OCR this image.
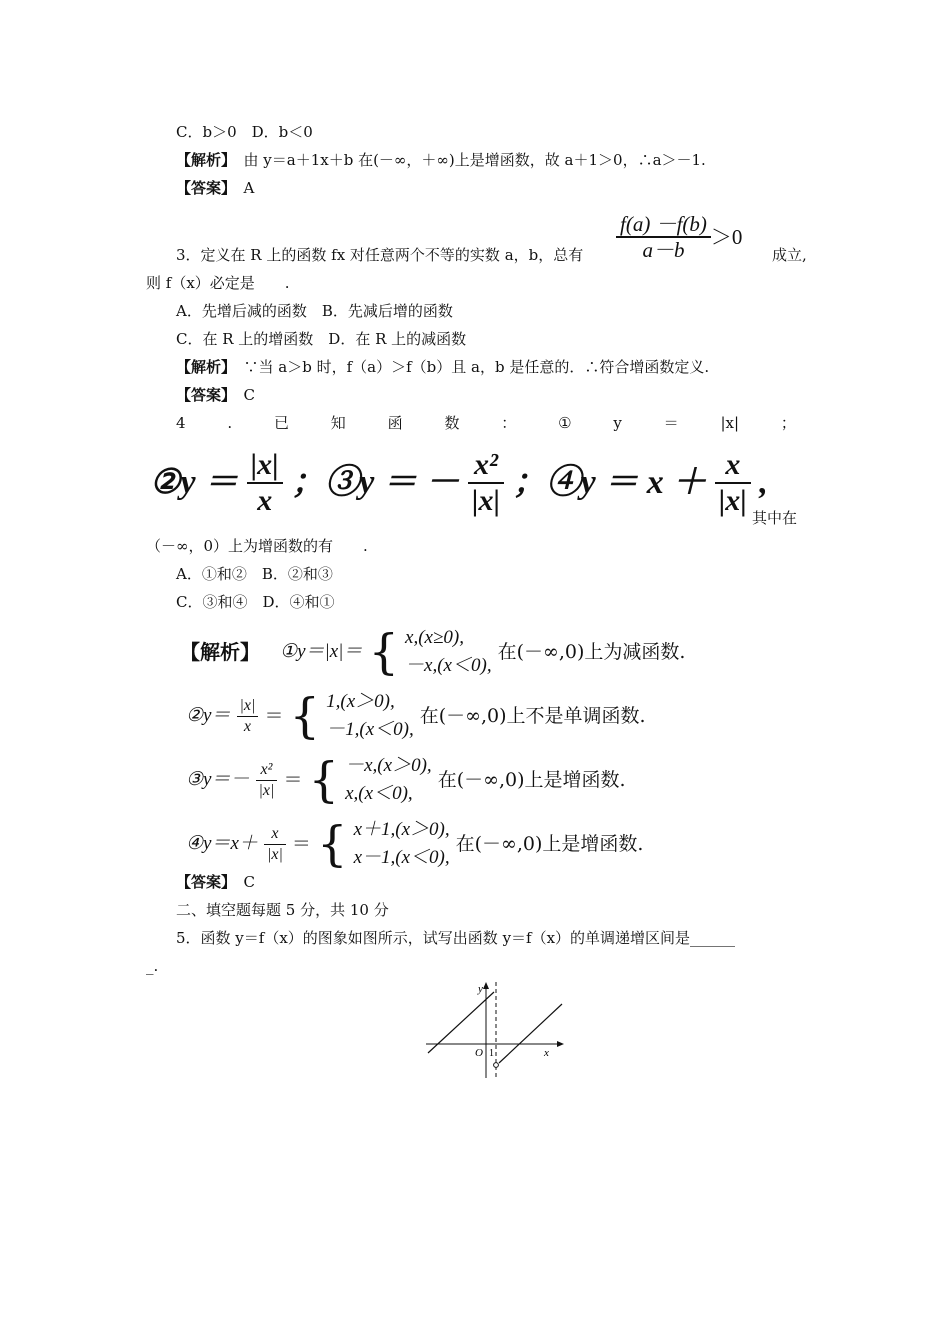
C．b＞0　D．b＜0
【解析】　由 y＝a＋1x＋b 在(－∞，＋∞)上是增函数，故 a＋1＞0，∴a＞－1.
【答案】　A
$\frac{f(a) -f(b)}{a-b} >0$
3．定义在 R 上的函数 fx 对任意两个不等的实数 a，b，总有	成立,
则 f（x）必定是　　.
A．先增后减的函数　B．先减后增的函数
C．在 R 上的增函数　D．在 R 上的减函数
【解析】　∵当 a＞b 时，f（a）＞f（b）且 a，b 是任意的．∴符合增函数定义.
【答案】　C
4	.	已	知	函	数	：	①	y	＝	|x|	；
②y ＝ $\frac{|x|}{x}$ ；③y ＝ － $\frac{\text{x²}}{|x|}$ ；④y ＝ $x + \frac{x}{|x|}$ ,
其中在
（－∞，0）上为增函数的有　　.
A．①和②　B．②和③
C．③和④　D．④和①
【解析】 ①y＝|x|＝ { x,(x≥0),
－x,(x＜0),
在(－∞,0)上为减函数.
②y＝ $\frac{|x|}{x}$ ＝ { 1,(x＞0),
－1,(x＜0),
在(－∞,0)上不是单调函数.
③y＝－ $\frac{\text{x²}}{|x|}$ ＝ { －x,(x＞0),
x,(x＜0),
在(－∞,0)上是增函数.
④y＝x＋ $\frac{x}{|x|}$ ＝ { x＋1,(x＞0),
x－1,(x＜0),
在(－∞,0)上是增函数.
【答案】　C
二、填空题每题 5 分，共 10 分
5．函数 y＝f（x）的图象如图所示，试写出函数 y＝f（x）的单调递增区间是______
_.
y
x
O 1
